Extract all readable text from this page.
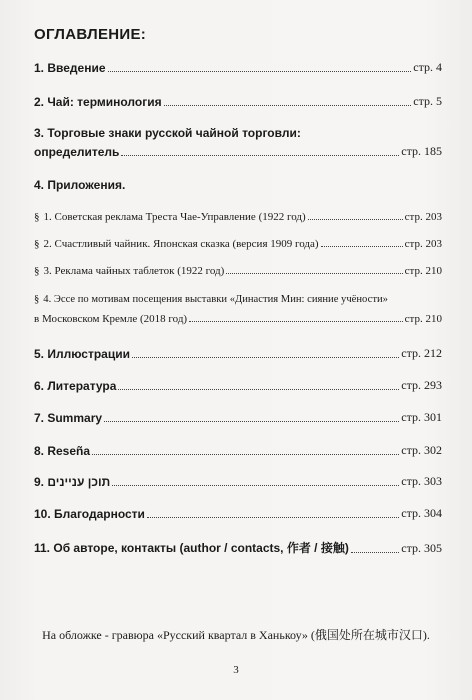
ОГЛАВЛЕНИЕ:
1. Введение	стр. 4
2. Чай: терминология	стр. 5
3. Торговые знаки русской чайной торговли:
определитель	стр. 185
4. Приложения.
§ 1. Советская реклама Треста Чае-Управление (1922 год)	стр. 203
§ 2. Счастливый чайник. Японская сказка (версия 1909 года)	стр. 203
§ 3. Реклама чайных таблеток (1922 год)	стр. 210
§ 4. Эссе по мотивам посещения выставки «Династия Мин: сияние учёности»
в Московском Кремле (2018 год)	стр. 210
5. Иллюстрации	стр. 212
6. Литература	стр. 293
7. Summary	стр. 301
8. Reseña	стр. 302
9. תוכן עניינים	стр. 303
10. Благодарности	стр. 304
11. Об авторе, контакты (author / contacts, 作者 / 接触)	стр. 305
На обложке - гравюра «Русский квартал в Ханькоу» (俄国处所在城市汉口).
3
